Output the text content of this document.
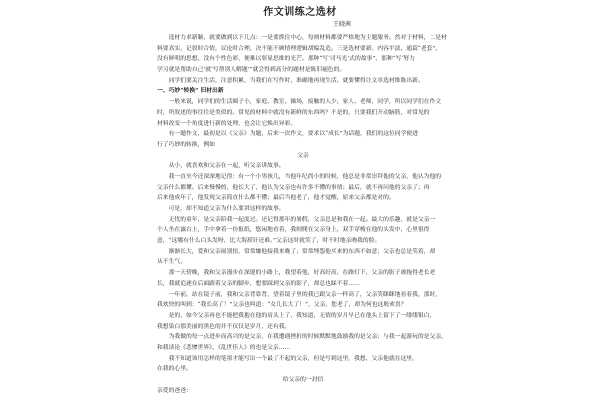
作文训练之选材
王晓茜
选材力求新颖，就要做到以下几点：一是要抓住中心，每则材料都要严格地为主题服务。然对于材料，二是材
料要真实，记叙时合情，议论时合理，决不能不顾情理逻辑胡编乱造。三是选材要新。内容平淡，通篇“老套”，
没有鲜明的思想，没有个性色彩，便难以彰显思维的光芒。那种“写‘司马光’式的故事”，那种“写‘努力
学习就是帮助自己’就‘写帮别人解题’”就会得到高分的题材是陈旧褪色的。
同学们要关注生活，注意积累，当我们在写作时，准确地再现生活，就要懂得让文章选材推陈出新。
一、巧妙“转换” 旧材出新
一般来说，同学们的生活圈子小，家庭、教室、操场，接触的人少，家人、老师、同学，所以同学们在作文
时，所叙述的事往往是类似的。常见的材料中就没有新鲜的东西吗？不是的，只要我们开动脑筋，对常见的
材料改变一个角度进行新的处理，也会让它焕出异彩。
有一题作文，最初是以《父亲》为题，后来一次作文，要求以“成长”为话题，我们的这位同学便进
行了巧妙的转换，例如
父亲
从小，就喜欢和父亲在一起，听父亲讲故事。
我一直至今还深深地记得：有一个小男孩儿，当他年纪尚小的时候，他总是非常崇拜他的父亲，他认为他的
父亲什么都懂。后来慢慢的，他长大了，他认为父亲也有许多不懂的事情；最后，就不再问他的父亲了；再
后来他成年了，他发现父亲简直什么都不懂；最后当他老了，他才觉醒，原来父亲都是对的。
可是，却不知道父亲为什么要讲这样的故事。
无忧的童年，是父亲陪我一起度过。还记得那年的暑假，父亲总是和我在一起。最大的乐趣，就是父亲一
个人坐在露台上，手中拿着一份报纸，悠闲地看着，我则爬在父亲身上，双手穿梭在他的头发中，心里很得
意，“这哪有什么白头发呀，比大海捞针还难。”父亲这时就笑了，时不时地亲吻我的脸。
渐渐长大，爱和父亲闹别扭，常常嫌他接我来晚了；常常埋怨他买来的东西不如意；父亲也总是笑着，却
从不生气。
那一天傍晚，我和父亲漫步在深邃的小路上，我望着他，好高好高，在路灯下，父亲的影子被拖得老长老
长，我就追逐在后面跟着父亲的脚步，想要踩到父亲的影子，却总也踩不着……
一年前，站在镜子前，我和父亲背靠背，望着镜子里的我已跟父亲一样高了，父亲笑眯眯地看着我，那时，
我欢快的叫到：“我长高了！”父亲也叫道：“女儿长大了！”，父亲，您老了，却为何也这般欢喜？
是的，如今父亲再也不能把我抱在他的肩头上了，我知道，无情的岁月早已在他头上留下了一缕缕银白，
我想染白那美丽的黑色的并不仅仅是岁月，还有我。
为我做的每一点进步而高兴的是父亲，在我遭遇挫折的时候默默地鼓励我的是父亲；与我一起游玩的是父亲，
和我谈论《悲惨世界》、《乱世佳人》的也是父亲……
我不知道该用怎样的笔墨才能写出一个最了不起的父亲，但是写到这里，我想，父亲他就在这里，
在我的心里。
给父亲的一封信
亲爱的爸爸：
